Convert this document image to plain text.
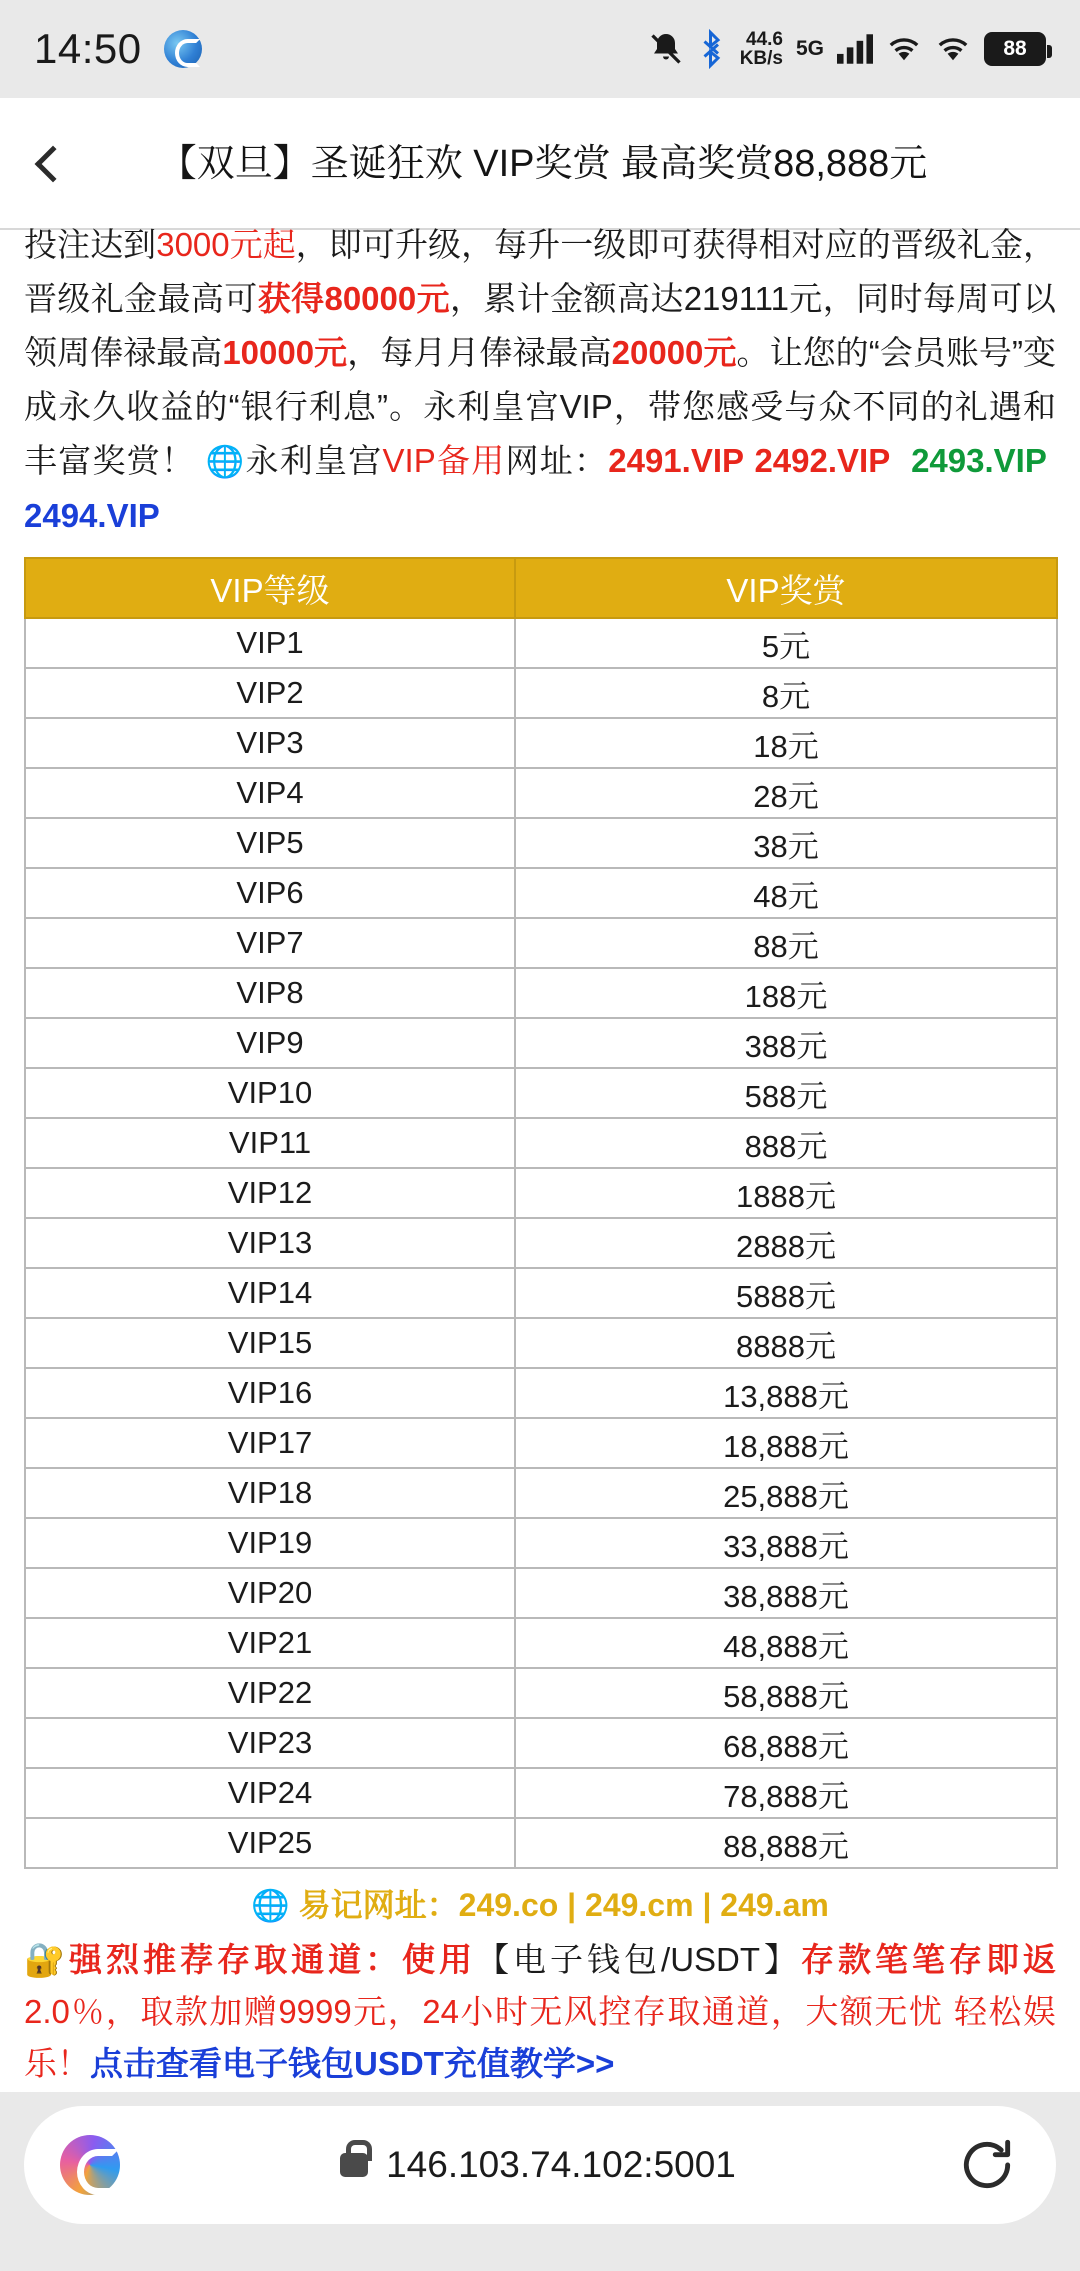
14:50	44.6
KB/s 5G	88
【双旦】圣诞狂欢 VIP奖赏 最高奖赏88,888元
投注达到3000元起，即可升级，每升一级即可获得相对应的晋级礼金，晋级礼金最高可获得80000元，累计金额高达219111元，同时每周可以领周俸禄最高10000元，每月月俸禄最高20000元。让您的“会员账号”变成永久收益的“银行利息”。永利皇宫VIP，带您感受与众不同的礼遇和丰富奖赏！ 🌐永利皇宫VIP备用网址：2491.VIP 2492.VIP 2493.VIP  2494.VIP
VIP等级	VIP奖赏
VIP1	5元
VIP2	8元
VIP3	18元
VIP4	28元
VIP5	38元
VIP6	48元
VIP7	88元
VIP8	188元
VIP9	388元
VIP10	588元
VIP11	888元
VIP12	1888元
VIP13	2888元
VIP14	5888元
VIP15	8888元
VIP16	13,888元
VIP17	18,888元
VIP18	25,888元
VIP19	33,888元
VIP20	38,888元
VIP21	48,888元
VIP22	58,888元
VIP23	68,888元
VIP24	78,888元
VIP25	88,888元
🌐 易记网址：249.co | 249.cm | 249.am
🔐强烈推荐存取通道：使用【电子钱包/USDT】存款笔笔存即返2.0％，取款加赠9999元，24小时无风控存取通道，大额无忧 轻松娱乐！点击查看电子钱包USDT充值教学>>
146.103.74.102:5001
